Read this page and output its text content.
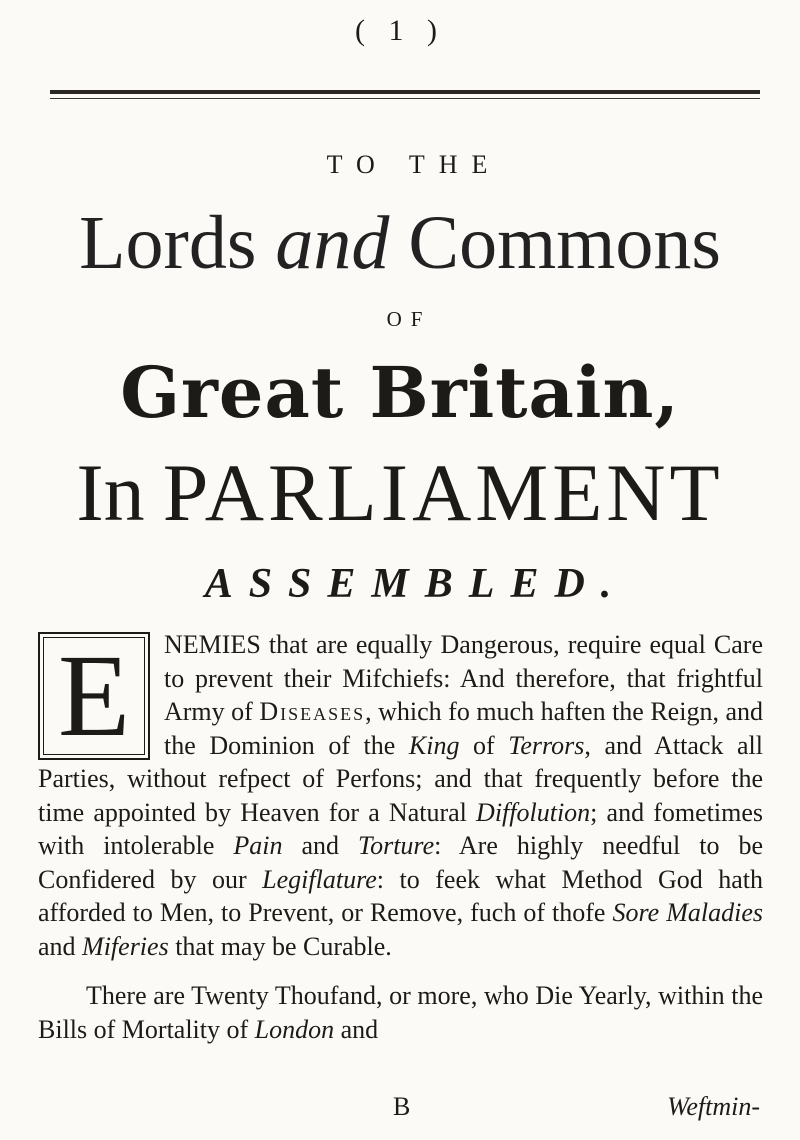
( 1 )
TO THE
Lords and Commons
OF
Great Britain,
In PARLIAMENT
ASSEMBLED.

E	NEMIES that are equally Dangerous, require equal Care to prevent their Mifchiefs: And therefore, that frightful Army of Diseases, which fo much haften the Reign, and the Dominion of the King of Terrors, and Attack all Parties, without refpect of Perfons; and that frequently before the time appointed by Heaven for a Natural Diffolution; and fometimes with intolerable Pain and Torture: Are highly needful to be Confidered by our Legiflature: to feek what Method God hath afforded to Men, to Prevent, or Remove, fuch of thofe Sore Maladies and Miferies that may be Curable.

There are Twenty Thoufand, or more, who Die Yearly, within the Bills of Mortality of London and

B	Weftmin-
